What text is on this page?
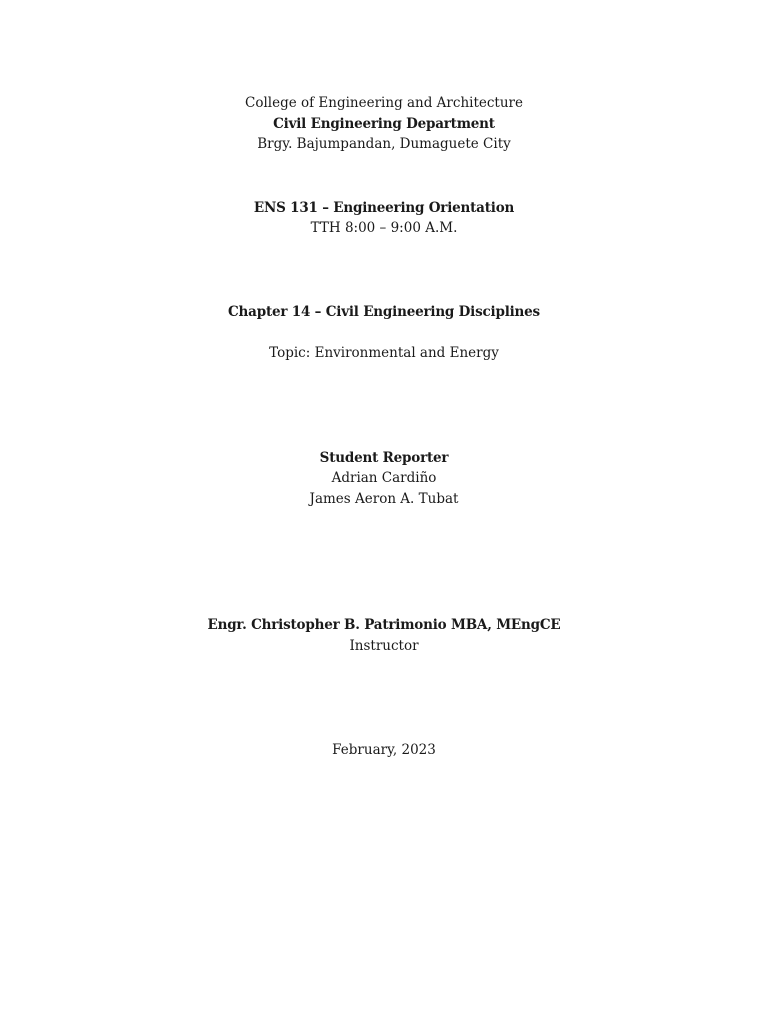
College of Engineering and Architecture
Civil Engineering Department
Brgy. Bajumpandan, Dumaguete City
ENS 131 – Engineering Orientation
TTH 8:00 – 9:00 A.M.
Chapter 14 – Civil Engineering Disciplines
Topic: Environmental and Energy
Student Reporter
Adrian Cardiño
James Aeron A. Tubat
Engr. Christopher B. Patrimonio MBA, MEngCE
Instructor
February, 2023
